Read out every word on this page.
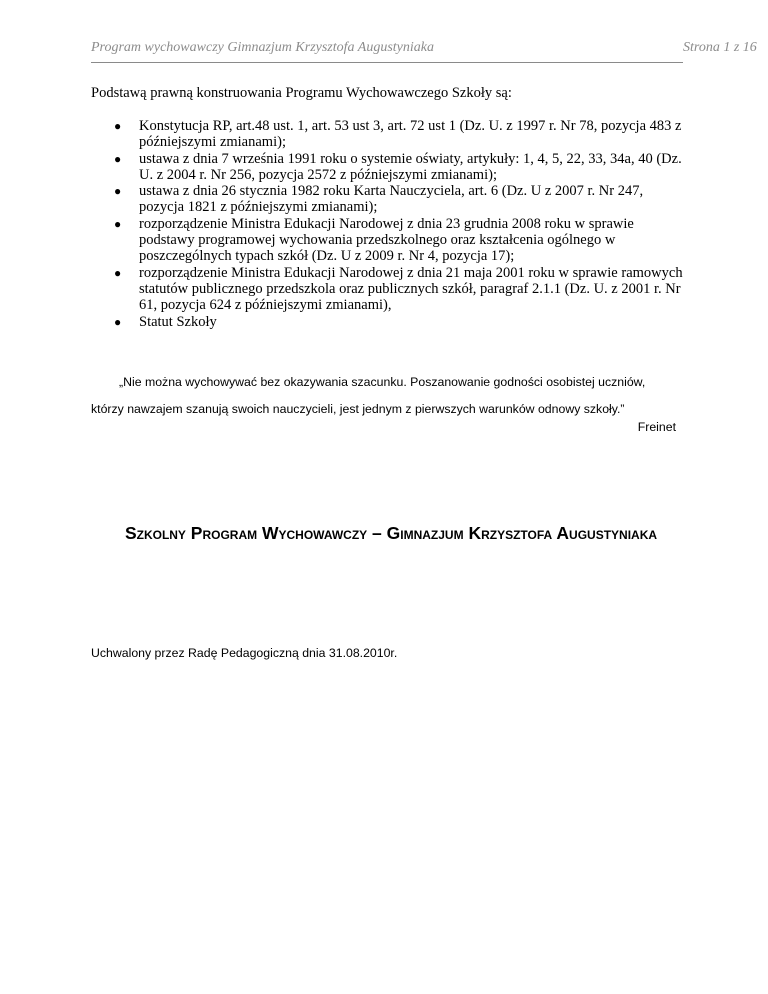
Program wychowawczy Gimnazjum Krzysztofa Augustyniaka	Strona 1 z 16
Podstawą prawną konstruowania Programu Wychowawczego Szkoły są:
● Konstytucja RP, art.48 ust. 1, art. 53 ust 3, art. 72 ust 1 (Dz. U. z 1997 r. Nr 78, pozycja 483 z późniejszymi zmianami);
● ustawa z dnia 7 września 1991 roku o systemie oświaty, artykuły: 1, 4, 5, 22, 33, 34a, 40 (Dz. U. z 2004 r. Nr 256, pozycja 2572 z późniejszymi zmianami);
● ustawa z dnia 26 stycznia 1982 roku Karta Nauczyciela, art. 6 (Dz. U z 2007 r. Nr 247, pozycja 1821 z późniejszymi zmianami);
● rozporządzenie Ministra Edukacji Narodowej z dnia 23 grudnia 2008 roku w sprawie podstawy programowej wychowania przedszkolnego oraz kształcenia ogólnego w poszczególnych typach szkół (Dz. U z 2009 r. Nr 4, pozycja 17);
● rozporządzenie Ministra Edukacji Narodowej z dnia 21 maja 2001 roku w sprawie ramowych statutów publicznego przedszkola oraz publicznych szkół, paragraf 2.1.1 (Dz. U. z 2001 r. Nr 61, pozycja 624 z późniejszymi zmianami),
● Statut Szkoły
„Nie można wychowywać bez okazywania szacunku. Poszanowanie godności osobistej uczniów,
którzy nawzajem szanują swoich nauczycieli, jest jednym z pierwszych warunków odnowy szkoły.”
Freinet
Szkolny Program Wychowawczy – Gimnazjum Krzysztofa Augustyniaka
Uchwalony przez Radę Pedagogiczną dnia 31.08.2010r.
